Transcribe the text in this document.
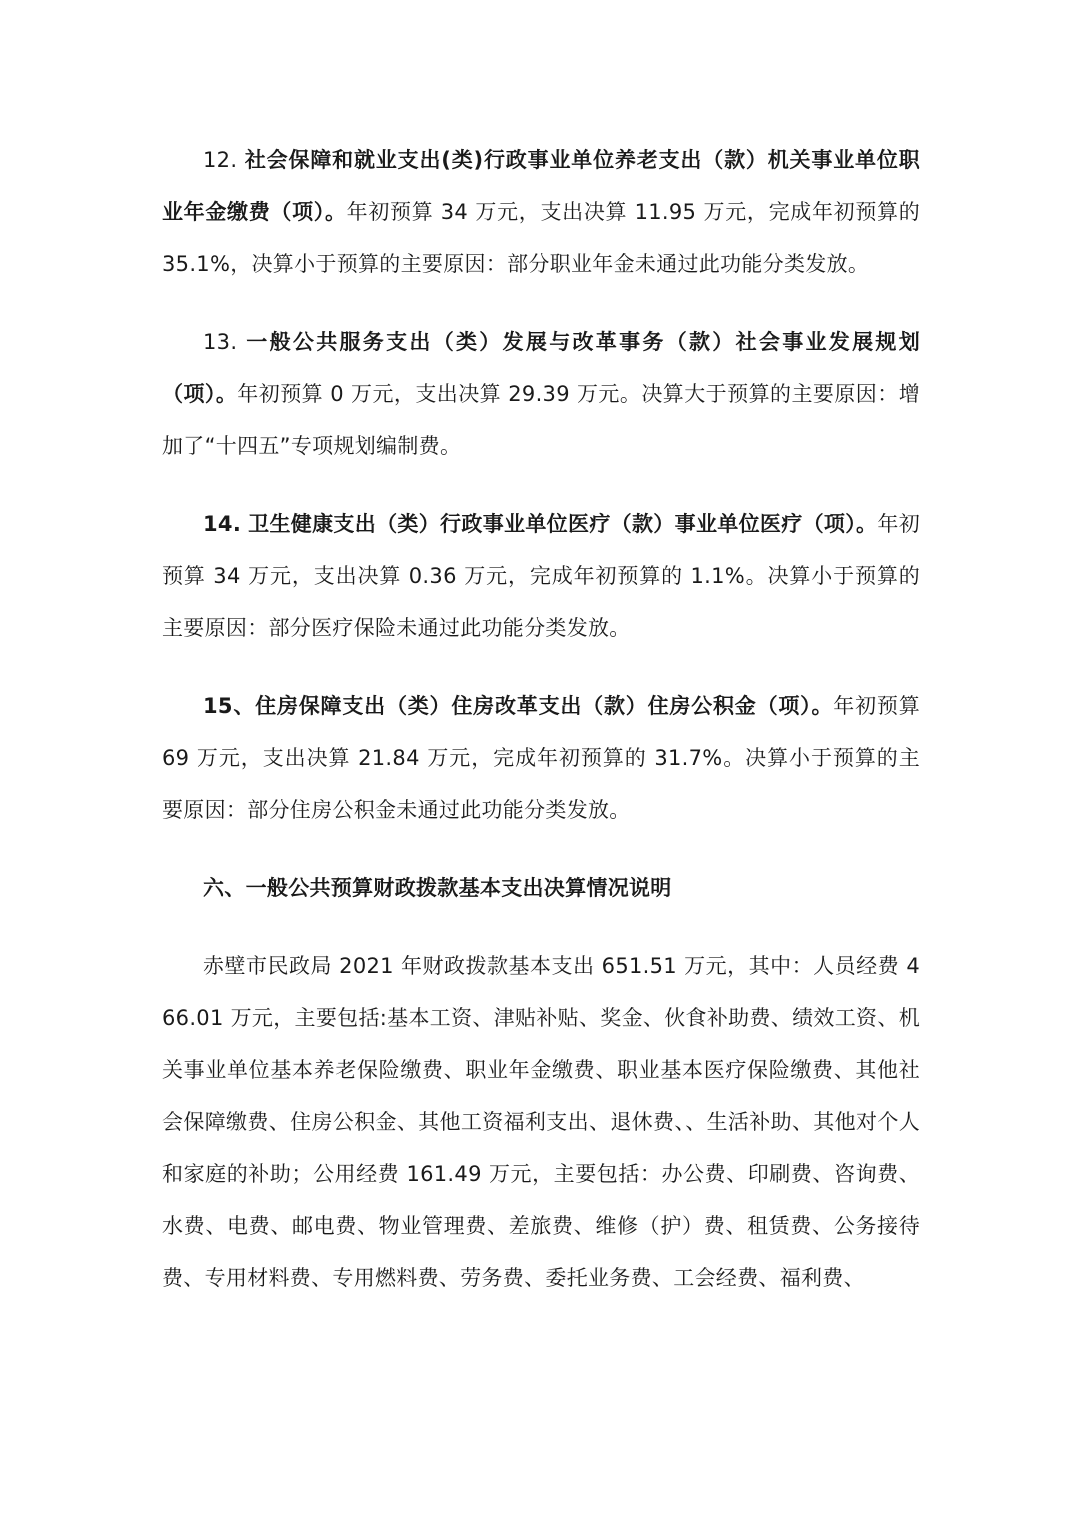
12. 社会保障和就业支出(类)行政事业单位养老支出（款）机关事业单位职业年金缴费（项）。年初预算 34 万元，支出决算 11.95 万元，完成年初预算的 35.1%，决算小于预算的主要原因：部分职业年金未通过此功能分类发放。

13. 一般公共服务支出（类）发展与改革事务（款）社会事业发展规划（项）。年初预算 0 万元，支出决算 29.39 万元。决算大于预算的主要原因：增加了“十四五”专项规划编制费。

14. 卫生健康支出（类）行政事业单位医疗（款）事业单位医疗（项）。年初预算 34 万元，支出决算 0.36 万元，完成年初预算的 1.1%。决算小于预算的主要原因：部分医疗保险未通过此功能分类发放。

15、住房保障支出（类）住房改革支出（款）住房公积金（项）。年初预算 69 万元，支出决算 21.84 万元，完成年初预算的 31.7%。决算小于预算的主要原因：部分住房公积金未通过此功能分类发放。

六、一般公共预算财政拨款基本支出决算情况说明

赤壁市民政局 2021 年财政拨款基本支出 651.51 万元，其中：人员经费 466.01 万元，主要包括:基本工资、津贴补贴、奖金、伙食补助费、绩效工资、机关事业单位基本养老保险缴费、职业年金缴费、职业基本医疗保险缴费、其他社会保障缴费、住房公积金、其他工资福利支出、退休费、、生活补助、其他对个人和家庭的补助；公用经费 161.49 万元，主要包括：办公费、印刷费、咨询费、水费、电费、邮电费、物业管理费、差旅费、维修（护）费、租赁费、公务接待费、专用材料费、专用燃料费、劳务费、委托业务费、工会经费、福利费、
